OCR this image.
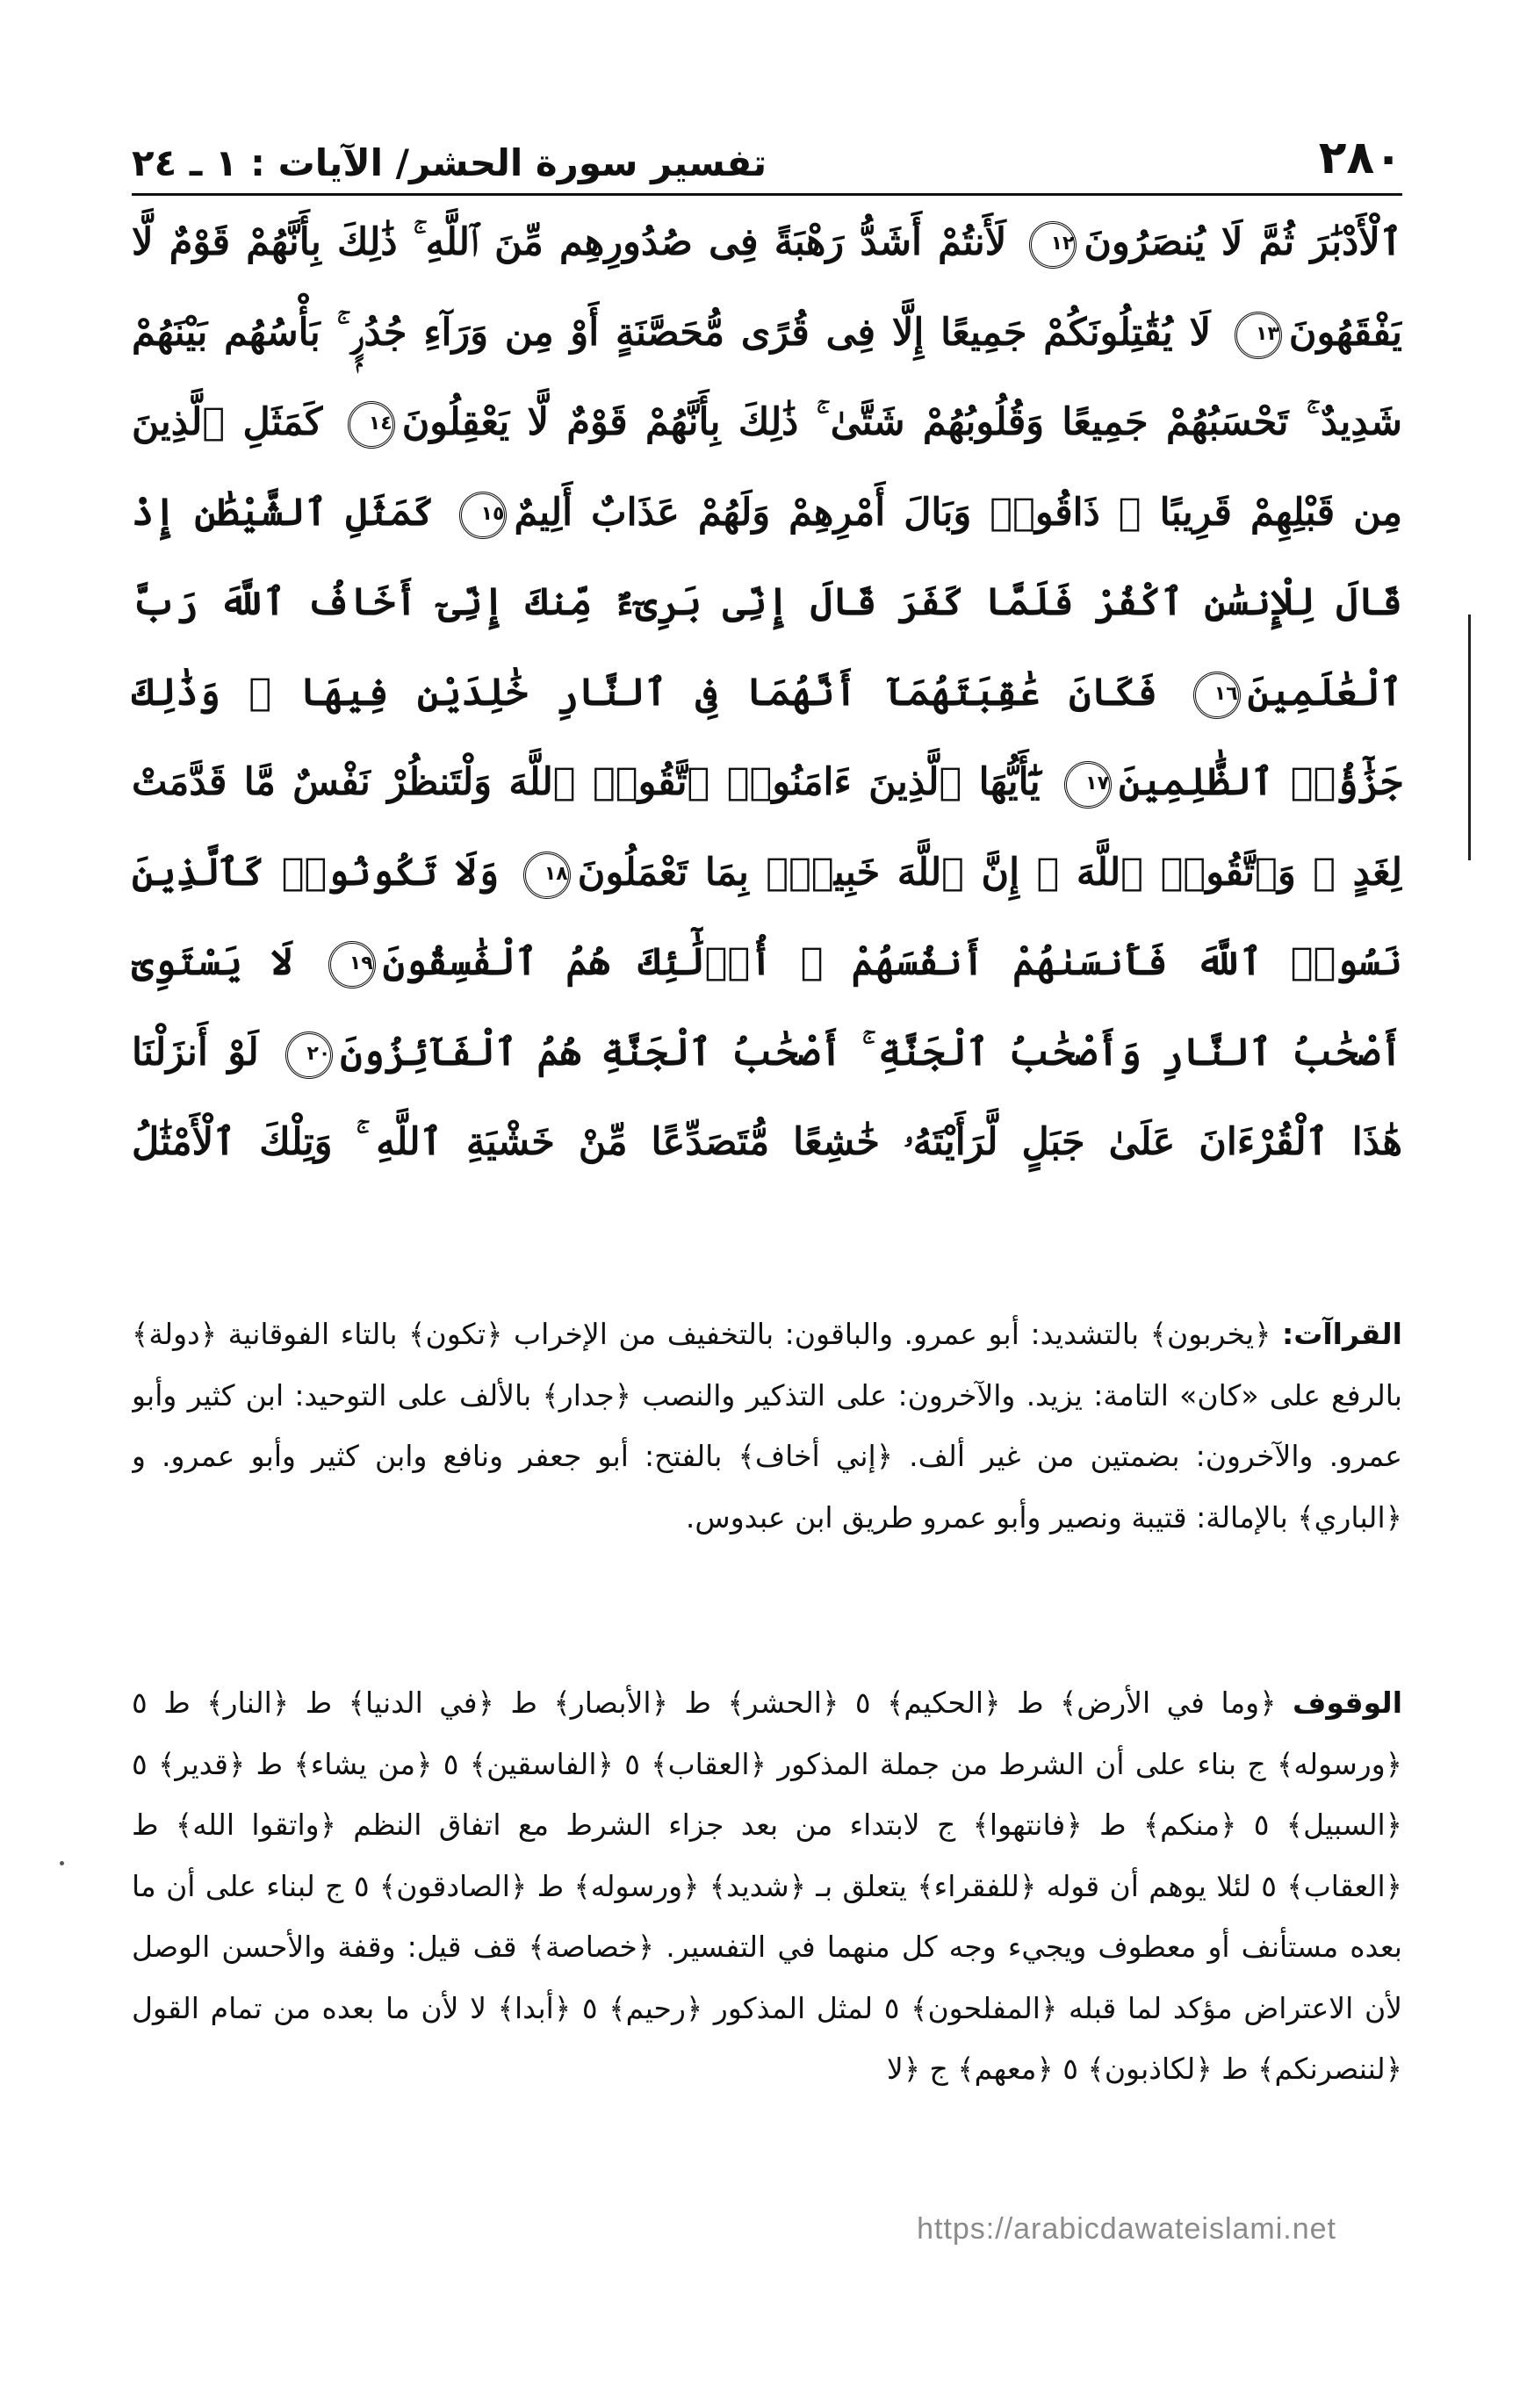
٢٨٠
تفسير سورة الحشر/ الآيات : ١ ـ ٢٤
ٱلْأَدْبَٰرَ ثُمَّ لَا يُنصَرُونَ١٢ لَأَنتُمْ أَشَدُّ رَهْبَةً فِى صُدُورِهِم مِّنَ ٱللَّهِ ۚ ذَٰلِكَ بِأَنَّهُمْ قَوْمٌ لَّا يَفْقَهُونَ١٣ لَا يُقَٰتِلُونَكُمْ جَمِيعًا إِلَّا فِى قُرًى مُّحَصَّنَةٍ أَوْ مِن وَرَآءِ جُدُرٍۭ ۚ بَأْسُهُم بَيْنَهُمْ شَدِيدٌ ۚ تَحْسَبُهُمْ جَمِيعًا وَقُلُوبُهُمْ شَتَّىٰ ۚ ذَٰلِكَ بِأَنَّهُمْ قَوْمٌ لَّا يَعْقِلُونَ١٤ كَمَثَلِ ٱلَّذِينَ مِن قَبْلِهِمْ قَرِيبًا ۖ ذَاقُوا۟ وَبَالَ أَمْرِهِمْ وَلَهُمْ عَذَابٌ أَلِيمٌ١٥ كَمَثَلِ ٱلشَّيْطَٰنِ إِذْ قَالَ لِلْإِنسَٰنِ ٱكْفُرْ فَلَمَّا كَفَرَ قَالَ إِنِّى بَرِىٓءٌ مِّنكَ إِنِّىٓ أَخَافُ ٱللَّهَ رَبَّ ٱلْعَٰلَمِينَ١٦ فَكَانَ عَٰقِبَتَهُمَآ أَنَّهُمَا فِى ٱلنَّارِ خَٰلِدَيْنِ فِيهَا ۚ وَذَٰلِكَ جَزَٰٓؤُا۟ ٱلظَّٰلِمِينَ١٧ يَٰٓأَيُّهَا ٱلَّذِينَ ءَامَنُوا۟ ٱتَّقُوا۟ ٱللَّهَ وَلْتَنظُرْ نَفْسٌ مَّا قَدَّمَتْ لِغَدٍ ۖ وَٱتَّقُوا۟ ٱللَّهَ ۚ إِنَّ ٱللَّهَ خَبِيرٌۢ بِمَا تَعْمَلُونَ١٨ وَلَا تَكُونُوا۟ كَٱلَّذِينَ نَسُوا۟ ٱللَّهَ فَأَنسَىٰهُمْ أَنفُسَهُمْ ۚ أُو۟لَٰٓئِكَ هُمُ ٱلْفَٰسِقُونَ١٩ لَا يَسْتَوِىٓ أَصْحَٰبُ ٱلنَّارِ وَأَصْحَٰبُ ٱلْجَنَّةِ ۚ أَصْحَٰبُ ٱلْجَنَّةِ هُمُ ٱلْفَآئِزُونَ٢٠ لَوْ أَنزَلْنَا هَٰذَا ٱلْقُرْءَانَ عَلَىٰ جَبَلٍ لَّرَأَيْتَهُۥ خَٰشِعًا مُّتَصَدِّعًا مِّنْ خَشْيَةِ ٱللَّهِ ۚ وَتِلْكَ ٱلْأَمْثَٰلُ
القراآت: ﴿يخربون﴾ بالتشديد: أبو عمرو. والباقون: بالتخفيف من الإخراب ﴿تكون﴾ بالتاء الفوقانية ﴿دولة﴾ بالرفع على «كان» التامة: يزيد. والآخرون: على التذكير والنصب ﴿جدار﴾ بالألف على التوحيد: ابن كثير وأبو عمرو. والآخرون: بضمتين من غير ألف. ﴿إني أخاف﴾ بالفتح: أبو جعفر ونافع وابن كثير وأبو عمرو. و ﴿الباري﴾ بالإمالة: قتيبة ونصير وأبو عمرو طريق ابن عبدوس.
الوقوف ﴿وما في الأرض﴾ ط ﴿الحكيم﴾ ٥ ﴿الحشر﴾ ط ﴿الأبصار﴾ ط ﴿في الدنيا﴾ ط ﴿النار﴾ ط ٥ ﴿ورسوله﴾ ج بناء على أن الشرط من جملة المذكور ﴿العقاب﴾ ٥ ﴿الفاسقين﴾ ٥ ﴿من يشاء﴾ ط ﴿قدير﴾ ٥ ﴿السبيل﴾ ٥ ﴿منكم﴾ ط ﴿فانتهوا﴾ ج لابتداء من بعد جزاء الشرط مع اتفاق النظم ﴿واتقوا الله﴾ ط ﴿العقاب﴾ ٥ لئلا يوهم أن قوله ﴿للفقراء﴾ يتعلق بـ ﴿شديد﴾ ﴿ورسوله﴾ ط ﴿الصادقون﴾ ٥ ج لبناء على أن ما بعده مستأنف أو معطوف ويجيء وجه كل منهما في التفسير. ﴿خصاصة﴾ قف قيل: وقفة والأحسن الوصل لأن الاعتراض مؤكد لما قبله ﴿المفلحون﴾ ٥ لمثل المذكور ﴿رحيم﴾ ٥ ﴿أبدا﴾ لا لأن ما بعده من تمام القول ﴿لننصرنكم﴾ ط ﴿لكاذبون﴾ ٥ ﴿معهم﴾ ج ﴿لا
https://arabicdawateislami.net
